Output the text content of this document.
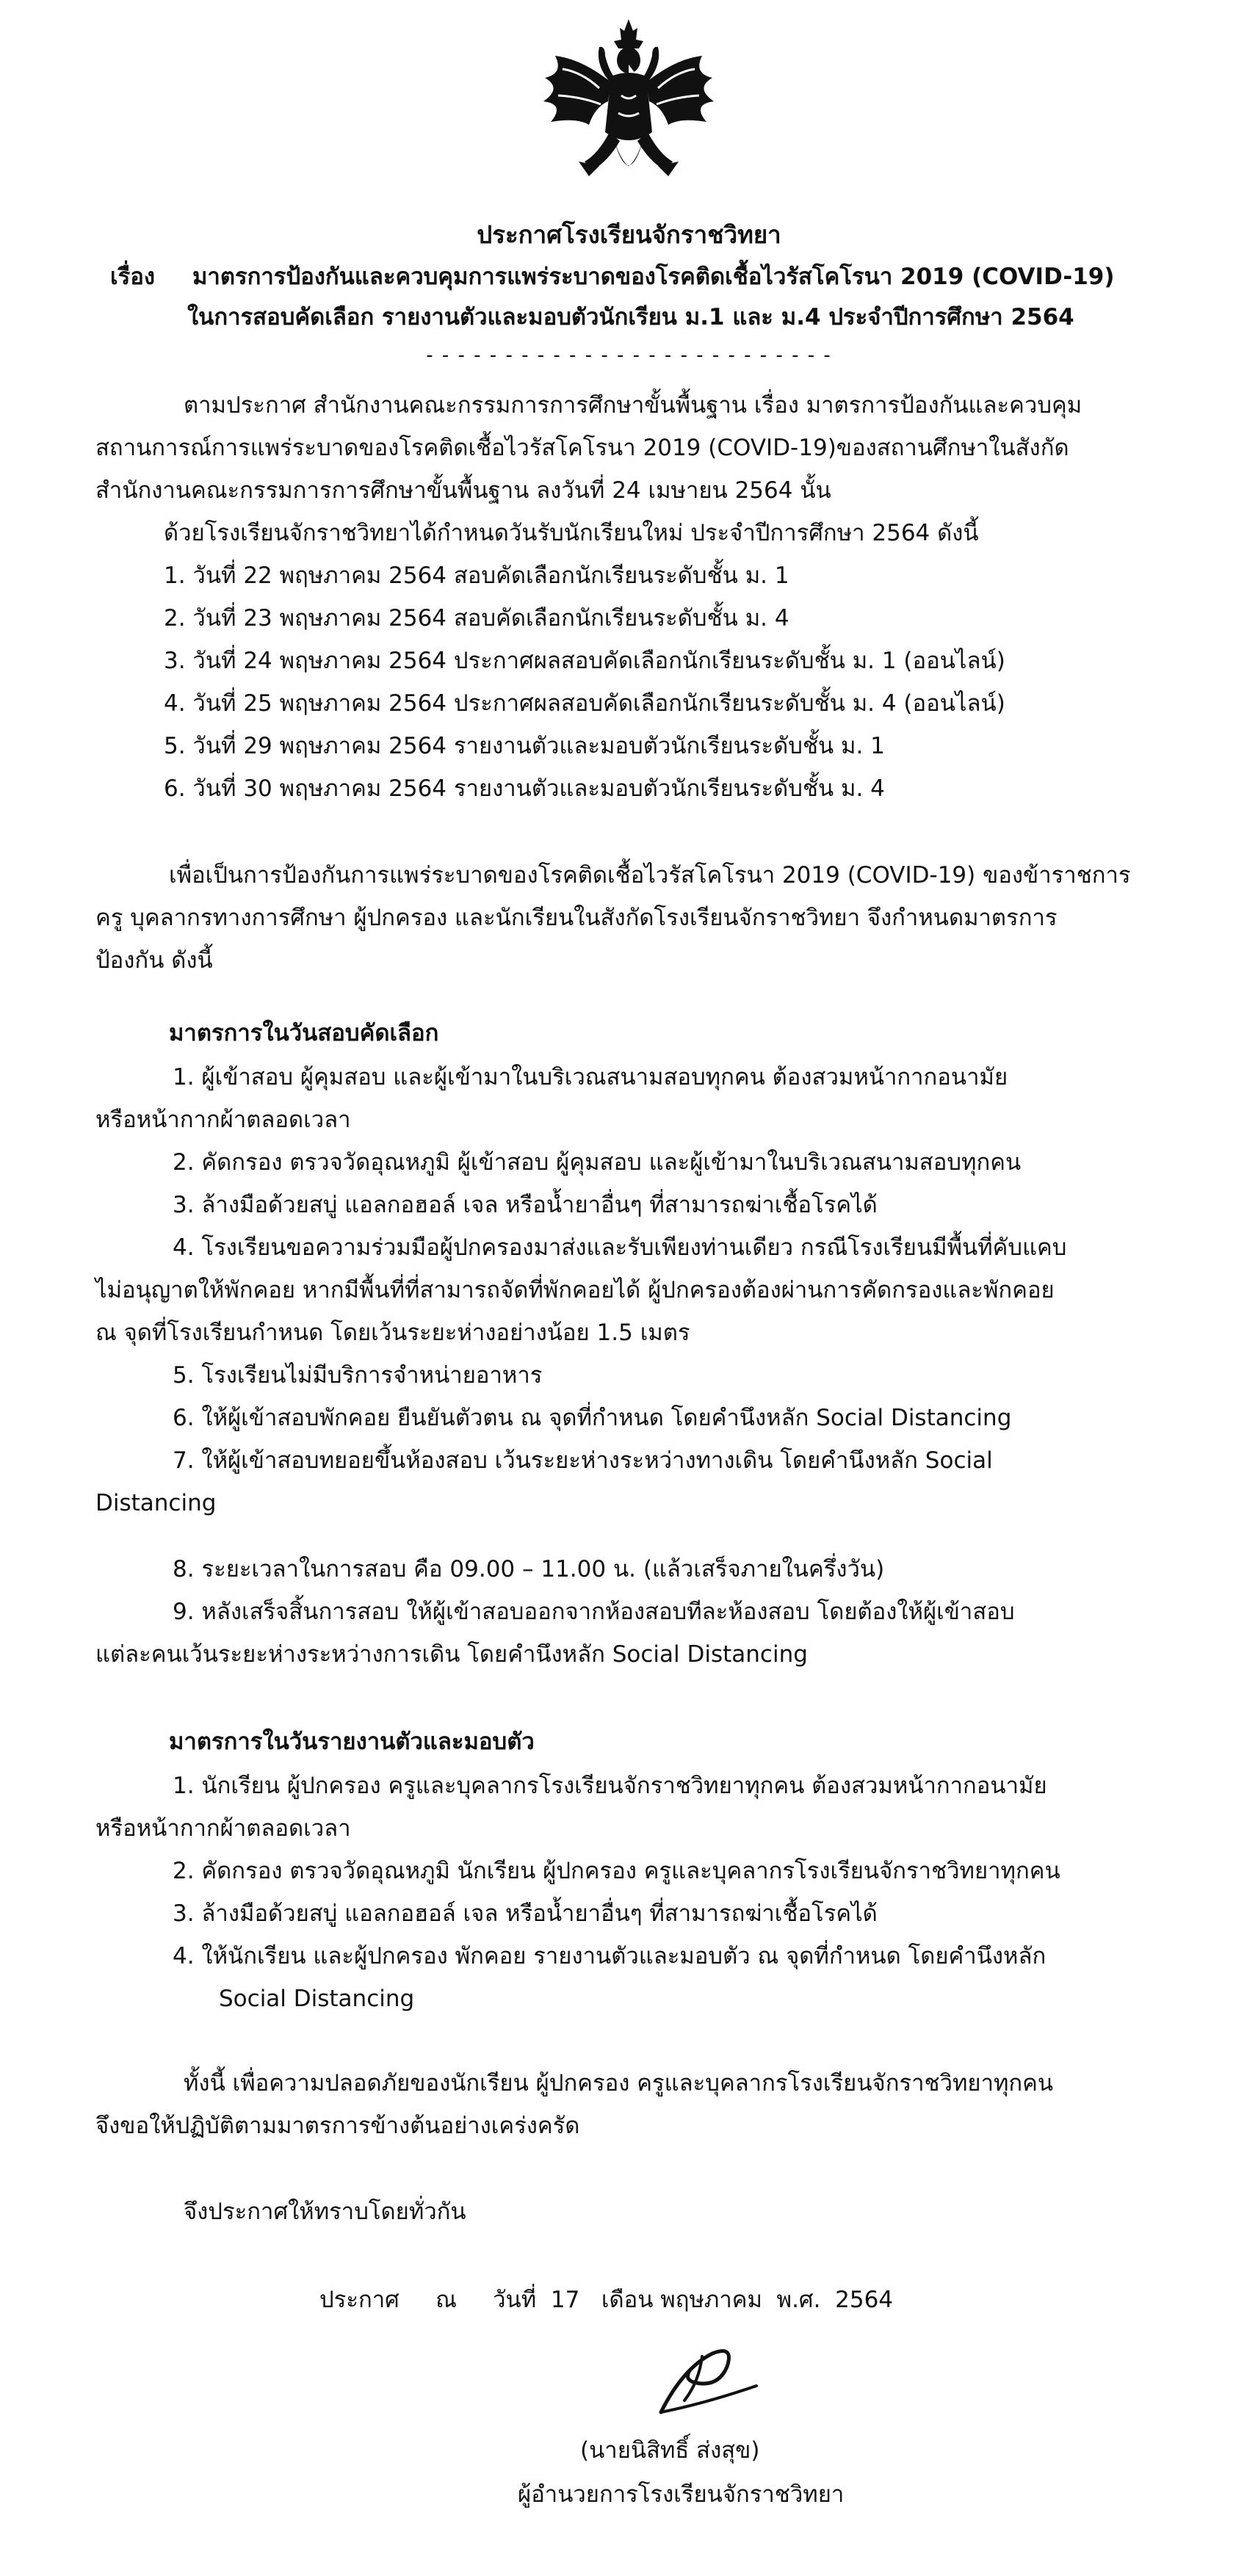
ประกาศโรงเรียนจักราชวิทยา
เรื่อง มาตรการป้องกันและควบคุมการแพร่ระบาดของโรคติดเชื้อไวรัสโคโรนา 2019 (COVID-19)
ในการสอบคัดเลือก รายงานตัวและมอบตัวนักเรียน ม.1 และ ม.4 ประจำปีการศึกษา 2564
- - - - - - - - - - - - - - - - - - - - - - - - - -
ตามประกาศ สำนักงานคณะกรรมการการศึกษาขั้นพื้นฐาน เรื่อง มาตรการป้องกันและควบคุม
สถานการณ์การแพร่ระบาดของโรคติดเชื้อไวรัสโคโรนา 2019 (COVID-19)ของสถานศึกษาในสังกัด
สำนักงานคณะกรรมการการศึกษาขั้นพื้นฐาน ลงวันที่ 24 เมษายน 2564 นั้น
ด้วยโรงเรียนจักราชวิทยาได้กำหนดวันรับนักเรียนใหม่ ประจำปีการศึกษา 2564 ดังนี้
1. วันที่ 22 พฤษภาคม 2564 สอบคัดเลือกนักเรียนระดับชั้น ม. 1
2. วันที่ 23 พฤษภาคม 2564 สอบคัดเลือกนักเรียนระดับชั้น ม. 4
3. วันที่ 24 พฤษภาคม 2564 ประกาศผลสอบคัดเลือกนักเรียนระดับชั้น ม. 1 (ออนไลน์)
4. วันที่ 25 พฤษภาคม 2564 ประกาศผลสอบคัดเลือกนักเรียนระดับชั้น ม. 4 (ออนไลน์)
5. วันที่ 29 พฤษภาคม 2564 รายงานตัวและมอบตัวนักเรียนระดับชั้น ม. 1
6. วันที่ 30 พฤษภาคม 2564 รายงานตัวและมอบตัวนักเรียนระดับชั้น ม. 4
เพื่อเป็นการป้องกันการแพร่ระบาดของโรคติดเชื้อไวรัสโคโรนา 2019 (COVID-19) ของข้าราชการ
ครู บุคลากรทางการศึกษา ผู้ปกครอง และนักเรียนในสังกัดโรงเรียนจักราชวิทยา จึงกำหนดมาตรการ
ป้องกัน ดังนี้
มาตรการในวันสอบคัดเลือก
1. ผู้เข้าสอบ ผู้คุมสอบ และผู้เข้ามาในบริเวณสนามสอบทุกคน ต้องสวมหน้ากากอนามัย
หรือหน้ากากผ้าตลอดเวลา
2. คัดกรอง ตรวจวัดอุณหภูมิ ผู้เข้าสอบ ผู้คุมสอบ และผู้เข้ามาในบริเวณสนามสอบทุกคน
3. ล้างมือด้วยสบู่ แอลกอฮอล์ เจล หรือน้ำยาอื่นๆ ที่สามารถฆ่าเชื้อโรคได้
4. โรงเรียนขอความร่วมมือผู้ปกครองมาส่งและรับเพียงท่านเดียว กรณีโรงเรียนมีพื้นที่คับแคบ
ไม่อนุญาตให้พักคอย หากมีพื้นที่ที่สามารถจัดที่พักคอยได้ ผู้ปกครองต้องผ่านการคัดกรองและพักคอย
ณ จุดที่โรงเรียนกำหนด โดยเว้นระยะห่างอย่างน้อย 1.5 เมตร
5. โรงเรียนไม่มีบริการจำหน่ายอาหาร
6. ให้ผู้เข้าสอบพักคอย ยืนยันตัวตน ณ จุดที่กำหนด โดยคำนึงหลัก Social Distancing
7. ให้ผู้เข้าสอบทยอยขึ้นห้องสอบ เว้นระยะห่างระหว่างทางเดิน โดยคำนึงหลัก Social
Distancing
8. ระยะเวลาในการสอบ คือ 09.00 – 11.00 น. (แล้วเสร็จภายในครึ่งวัน)
9. หลังเสร็จสิ้นการสอบ ให้ผู้เข้าสอบออกจากห้องสอบทีละห้องสอบ โดยต้องให้ผู้เข้าสอบ
แต่ละคนเว้นระยะห่างระหว่างการเดิน โดยคำนึงหลัก Social Distancing
มาตรการในวันรายงานตัวและมอบตัว
1. นักเรียน ผู้ปกครอง ครูและบุคลากรโรงเรียนจักราชวิทยาทุกคน ต้องสวมหน้ากากอนามัย
หรือหน้ากากผ้าตลอดเวลา
2. คัดกรอง ตรวจวัดอุณหภูมิ นักเรียน ผู้ปกครอง ครูและบุคลากรโรงเรียนจักราชวิทยาทุกคน
3. ล้างมือด้วยสบู่ แอลกอฮอล์ เจล หรือน้ำยาอื่นๆ ที่สามารถฆ่าเชื้อโรคได้
4. ให้นักเรียน และผู้ปกครอง พักคอย รายงานตัวและมอบตัว ณ จุดที่กำหนด โดยคำนึงหลัก
Social Distancing
ทั้งนี้ เพื่อความปลอดภัยของนักเรียน ผู้ปกครอง ครูและบุคลากรโรงเรียนจักราชวิทยาทุกคน
จึงขอให้ปฏิบัติตามมาตรการข้างต้นอย่างเคร่งครัด
จึงประกาศให้ทราบโดยทั่วกัน
ประกาศ     ณ     วันที่  17   เดือน พฤษภาคม  พ.ศ.  2564
(นายนิสิทธิ์ ส่งสุข)
ผู้อำนวยการโรงเรียนจักราชวิทยา
